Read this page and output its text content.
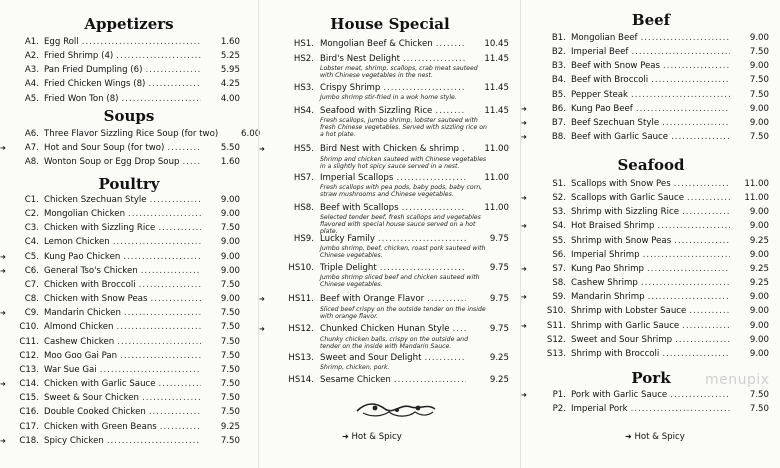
Appetizers
A1. Egg Roll .....	1.60
A2. Fried Shrimp (4) .....	5.25
A3. Pan Fried Dumpling (6) .....	5.95
A4. Fried Chicken Wings (8) .....	4.25
A5. Fried Won Ton (8) .....	4.00
Soups
A6. Three Flavor Sizzling Rice Soup (for two)	6.00
➜	A7. Hot and Sour Soup (for two) .....	5.50
A8. Wonton Soup or Egg Drop Soup .....	1.60
Poultry
C1. Chicken Szechuan Style .....	9.00
C2. Mongolian Chicken .....	9.00
C3. Chicken with Sizzling Rice .....	7.50
C4. Lemon Chicken .....	9.00
➜	C5. Kung Pao Chicken .....	9.00
➜	C6. General Tso's Chicken .....	9.00
C7. Chicken with Broccoli .....	7.50
C8. Chicken with Snow Peas .....	9.00
➜	C9. Mandarin Chicken .....	7.50
C10. Almond Chicken .....	7.50
C11. Cashew Chicken .....	7.50
C12. Moo Goo Gai Pan .....	7.50
C13. War Sue Gai .....	7.50
➜	C14. Chicken with Garlic Sauce .....	7.50
C15. Sweet & Sour Chicken .....	7.50
C16. Double Cooked Chicken .....	7.50
C17. Chicken with Green Beans .....	9.25
➜	C18. Spicy Chicken .....	7.50
House Special
HS1. Mongolian Beef & Chicken .....	10.45
HS2. Bird's Nest Delight .....	11.45
Lobster meat, shrimp, scallops, crab meat sauteed with Chinese vegetables in the nest.
HS3. Crispy Shrimp .....	11.45
Jumbo shrimp stir-fried in a wok home style.
HS4. Seafood with Sizzling Rice .....	11.45
Fresh scallops, jumbo shrimp, lobster sauteed with fresh Chinese vegetables. Served with sizzling rice on a hot plate.
➜	HS5. Bird Nest with Chicken & shrimp .....	11.00
Shrimp and chicken sauteed with Chinese vegetables in a slightly hot spicy sauce served in a nest.
HS7. Imperial Scallops .....	11.00
Fresh scallops with pea pods, baby pods, baby corn, straw mushrooms and Chinese vegetables.
HS8. Beef with Scallops .....	11.00
Selected tender beef, fresh scallops and vegetables flavored with special house sauce served on a hot plate.
HS9. Lucky Family .....	9.75
Jumbo shrimp, beef, chicken, roast pork sauteed with Chinese vegetables.
HS10. Triple Delight .....	9.75
Jumbo shrimp sliced beef and chicken sauteed with Chinese vegetables.
➜	HS11. Beef with Orange Flavor .....	9.75
Sliced beef crispy on the outside tender on the inside with orange flavor.
➜	HS12. Chunked Chicken Hunan Style .....	9.75
Chunky chicken balls, crispy on the outside and tender on the inside with Mandarin Sauce.
HS13. Sweet and Sour Delight .....	9.25
Shrimp, chicken, pork.
HS14. Sesame Chicken .....	9.25
➜ Hot & Spicy
Beef
B1. Mongolian Beef .....	9.00
B2. Imperial Beef .....	7.50
B3. Beef with Snow Peas .....	9.00
B4. Beef with Broccoli .....	7.50
B5. Pepper Steak .....	7.50
➜	B6. Kung Pao Beef .....	9.00
➜	B7. Beef Szechuan Style .....	9.00
➜	B8. Beef with Garlic Sauce .....	7.50
Seafood
S1. Scallops with Snow Pes .....	11.00
➜	S2. Scallops with Garlic Sauce .....	11.00
S3. Shrimp with Sizzling Rice .....	9.00
➜	S4. Hot Braised Shrimp .....	9.00
S5. Shrimp with Snow Peas .....	9.25
S6. Imperial Shrimp .....	9.00
➜	S7. Kung Pao Shrimp .....	9.25
S8. Cashew Shrimp .....	9.25
➜	S9. Mandarin Shrimp .....	9.00
S10. Shrimp with Lobster Sauce .....	9.00
➜	S11. Shrimp with Garlic Sauce .....	9.00
S12. Sweet and Sour Shrimp .....	9.00
S13. Shrimp with Broccoli .....	9.00
Pork
➜	P1. Pork with Garlic Sauce .....	7.50
P2. Imperial Pork .....	7.50
➜ Hot & Spicy
menupix
